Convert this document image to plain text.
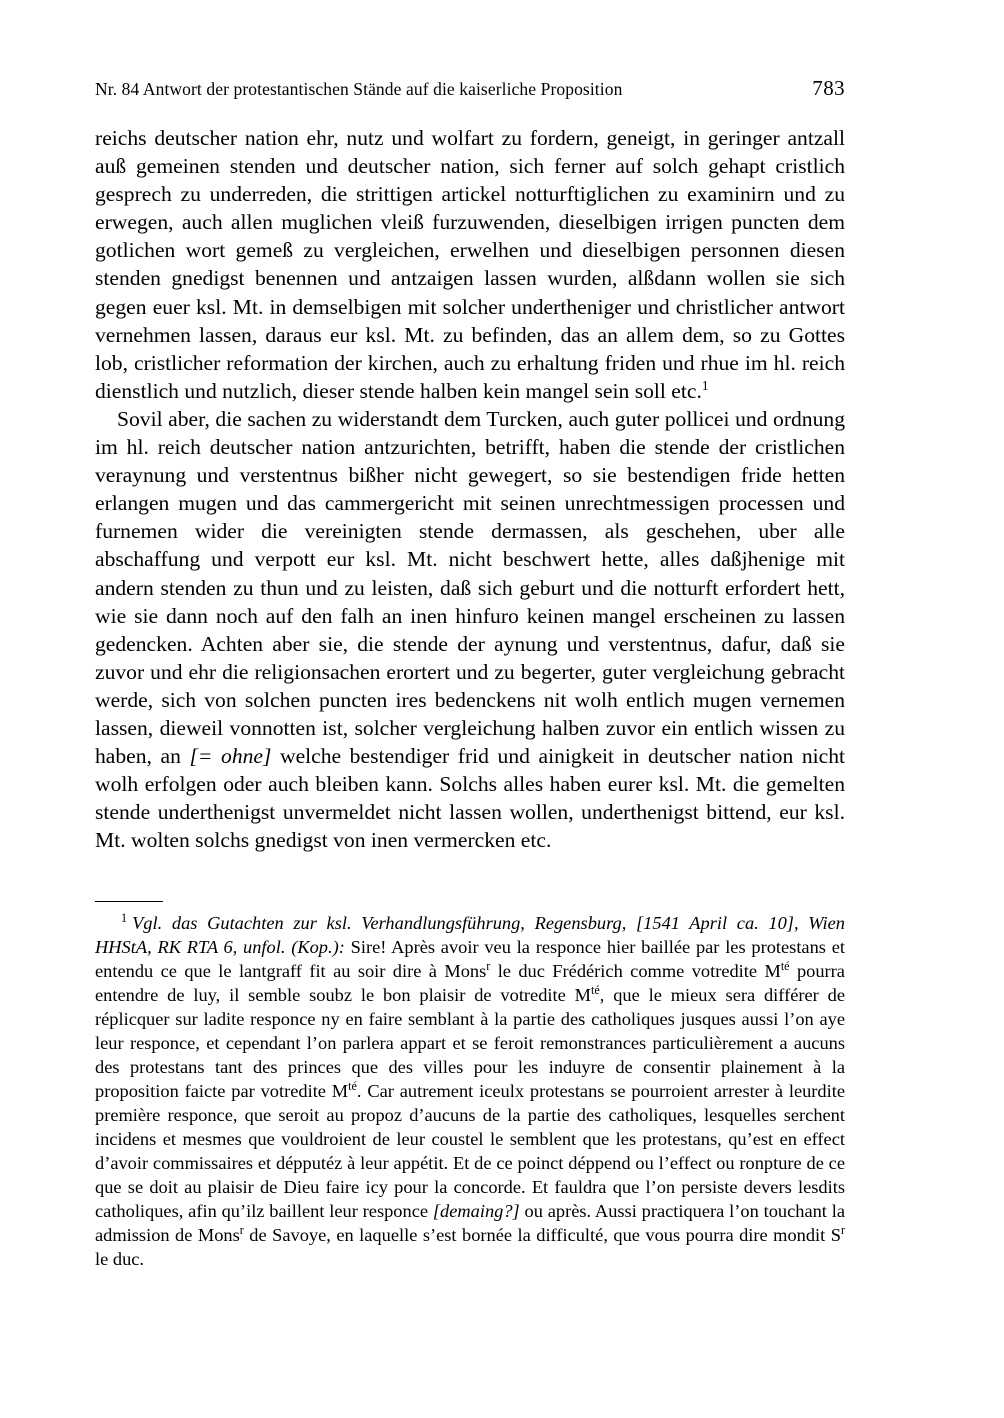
Nr. 84 Antwort der protestantischen Stände auf die kaiserliche Proposition	783

reichs deutscher nation ehr, nutz und wolfart zu fordern, geneigt, in geringer antzall auß gemeinen stenden und deutscher nation, sich ferner auf solch gehapt cristlich gesprech zu underreden, die strittigen artickel notturftiglichen zu examinirn und zu erwegen, auch allen muglichen vleiß furzuwenden, dieselbigen irrigen puncten dem gotlichen wort gemeß zu vergleichen, erwelhen und dieselbigen personnen diesen stenden gnedigst benennen und antzaigen lassen wurden, alßdann wollen sie sich gegen euer ksl. Mt. in demselbigen mit solcher undertheniger und christlicher antwort vernehmen lassen, daraus eur ksl. Mt. zu befinden, das an allem dem, so zu Gottes lob, cristlicher reformation der kirchen, auch zu erhaltung friden und rhue im hl. reich dienstlich und nutzlich, dieser stende halben kein mangel sein soll etc.$^1$

Sovil aber, die sachen zu widerstandt dem Turcken, auch guter pollicei und ordnung im hl. reich deutscher nation antzurichten, betrifft, haben die stende der cristlichen veraynung und verstentnus bißher nicht gewegert, so sie bestendigen fride hetten erlangen mugen und das cammergericht mit seinen unrechtmessigen processen und furnemen wider die vereinigten stende dermassen, als geschehen, uber alle abschaffung und verpott eur ksl. Mt. nicht beschwert hette, alles daßjhenige mit andern stenden zu thun und zu leisten, daß sich geburt und die notturft erfordert hett, wie sie dann noch auf den falh an inen hinfuro keinen mangel erscheinen zu lassen gedencken. Achten aber sie, die stende der aynung und verstentnus, dafur, daß sie zuvor und ehr die religionsachen erortert und zu begerter, guter vergleichung gebracht werde, sich von solchen puncten ires bedenckens nit wolh entlich mugen vernemen lassen, dieweil vonnotten ist, solcher vergleichung halben zuvor ein entlich wissen zu haben, an [= ohne] welche bestendiger frid und ainigkeit in deutscher nation nicht wolh erfolgen oder auch bleiben kann. Solchs alles haben eurer ksl. Mt. die gemelten stende underthenigst unvermeldet nicht lassen wollen, underthenigst bittend, eur ksl. Mt. wolten solchs gnedigst von inen vermercken etc.

$^1$ Vgl. das Gutachten zur ksl. Verhandlungsführung, Regensburg, [1541 April ca. 10], Wien HHStA, RK RTA 6, unfol. (Kop.): Sire! Après avoir veu la responce hier baillée par les protestans et entendu ce que le lantgraff fit au soir dire à Mons$^r$ le duc Frédérich comme votredite M$^{té}$ pourra entendre de luy, il semble soubz le bon plaisir de votredite M$^{té}$, que le mieux sera différer de réplicquer sur ladite responce ny en faire semblant à la partie des catholiques jusques aussi l’on aye leur responce, et cependant l’on parlera appart et se feroit remonstrances particulièrement a aucuns des protestans tant des princes que des villes pour les induyre de consentir plainement à la proposition faicte par votredite M$^{té}$. Car autrement iceulx protestans se pourroient arrester à leurdite première responce, que seroit au propoz d’aucuns de la partie des catholiques, lesquelles serchent incidens et mesmes que vouldroient de leur coustel le semblent que les protestans, qu’est en effect d’avoir commissaires et dépputéz à leur appétit. Et de ce poinct déppend ou l’effect ou ronpture de ce que se doit au plaisir de Dieu faire icy pour la concorde. Et fauldra que l’on persiste devers lesdits catholiques, afin qu’ilz baillent leur responce [demaing?] ou après. Aussi practiquera l’on touchant la admission de Mons$^r$ de Savoye, en laquelle s’est bornée la difficulté, que vous pourra dire mondit S$^r$ le duc.
